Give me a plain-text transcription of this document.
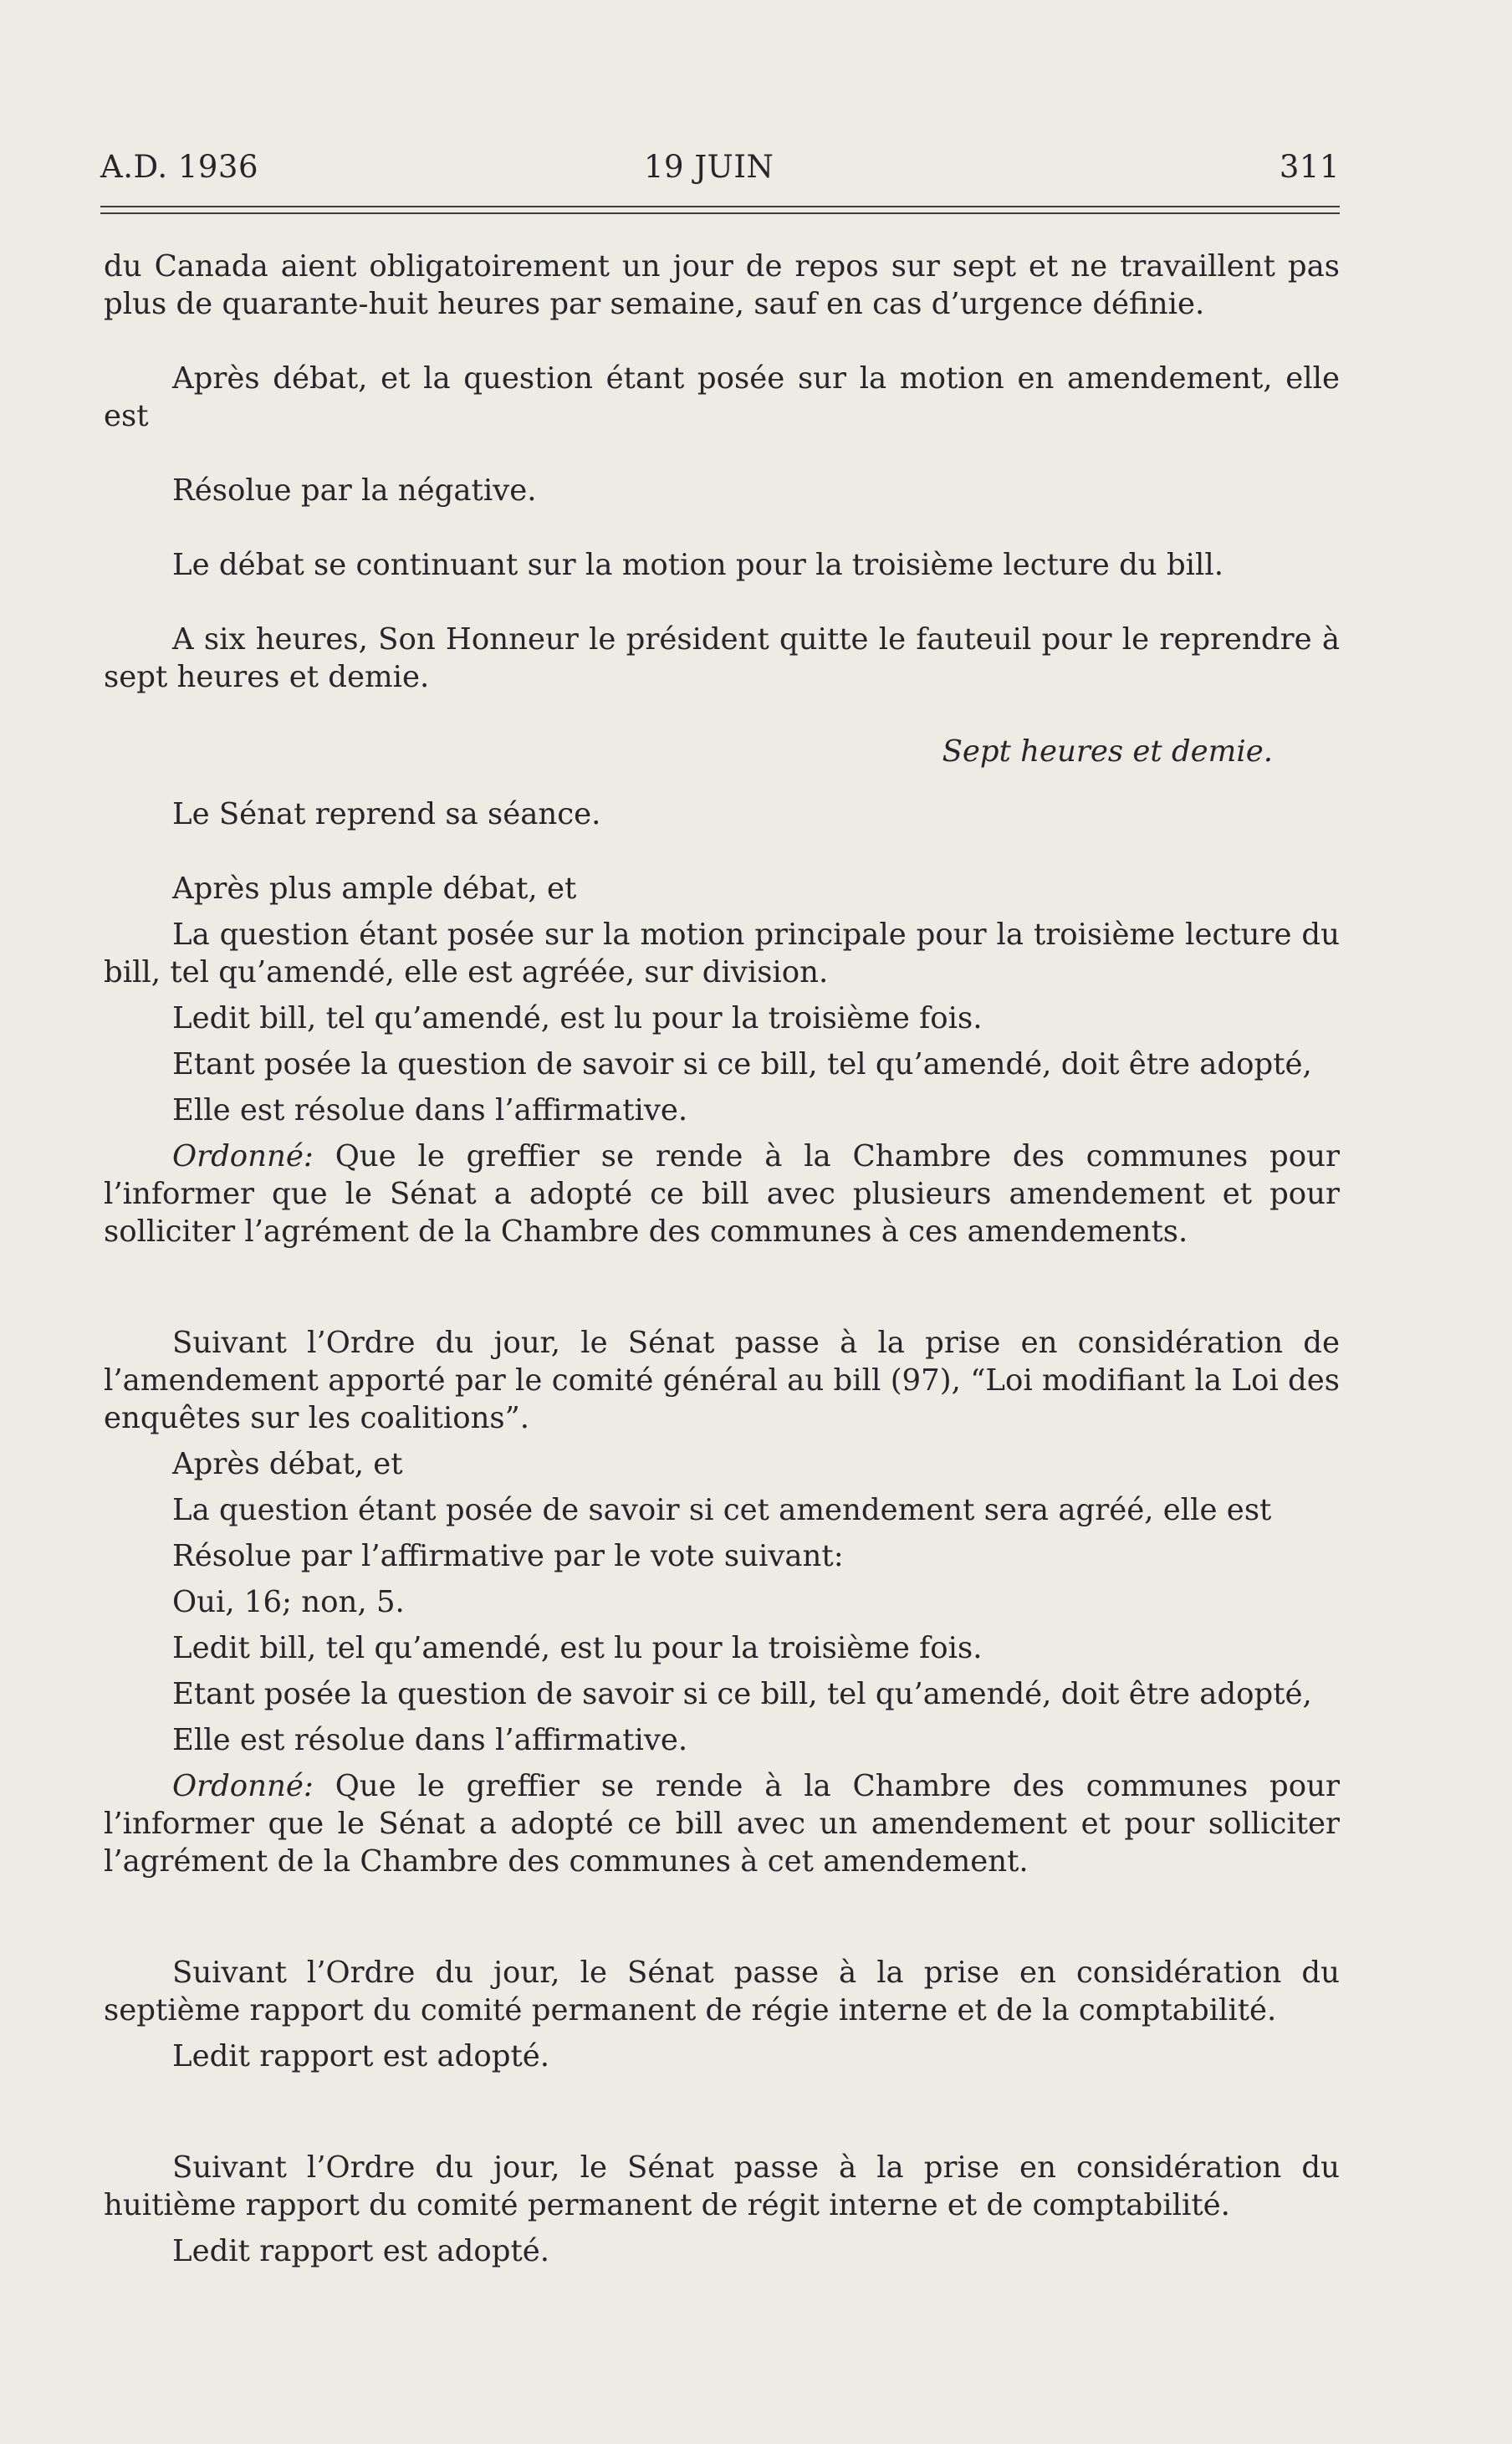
A.D. 1936	19 JUIN	311

du Canada aient obligatoirement un jour de repos sur sept et ne travaillent pas plus de quarante-huit heures par semaine, sauf en cas d’urgence définie.

Après débat, et la question étant posée sur la motion en amendement, elle est

Résolue par la négative.

Le débat se continuant sur la motion pour la troisième lecture du bill.

A six heures, Son Honneur le président quitte le fauteuil pour le reprendre à sept heures et demie.

Sept heures et demie.

Le Sénat reprend sa séance.

Après plus ample débat, et

La question étant posée sur la motion principale pour la troisième lecture du bill, tel qu’amendé, elle est agréée, sur division.

Ledit bill, tel qu’amendé, est lu pour la troisième fois.

Etant posée la question de savoir si ce bill, tel qu’amendé, doit être adopté,

Elle est résolue dans l’affirmative.

Ordonné: Que le greffier se rende à la Chambre des communes pour l’informer que le Sénat a adopté ce bill avec plusieurs amendement et pour solliciter l’agrément de la Chambre des communes à ces amendements.

Suivant l’Ordre du jour, le Sénat passe à la prise en considération de l’amendement apporté par le comité général au bill (97), “Loi modifiant la Loi des enquêtes sur les coalitions”.

Après débat, et

La question étant posée de savoir si cet amendement sera agréé, elle est

Résolue par l’affirmative par le vote suivant:

Oui, 16; non, 5.

Ledit bill, tel qu’amendé, est lu pour la troisième fois.

Etant posée la question de savoir si ce bill, tel qu’amendé, doit être adopté,

Elle est résolue dans l’affirmative.

Ordonné: Que le greffier se rende à la Chambre des communes pour l’informer que le Sénat a adopté ce bill avec un amendement et pour solliciter l’agrément de la Chambre des communes à cet amendement.

Suivant l’Ordre du jour, le Sénat passe à la prise en considération du septième rapport du comité permanent de régie interne et de la comptabilité.

Ledit rapport est adopté.

Suivant l’Ordre du jour, le Sénat passe à la prise en considération du huitième rapport du comité permanent de régit interne et de comptabilité.

Ledit rapport est adopté.
